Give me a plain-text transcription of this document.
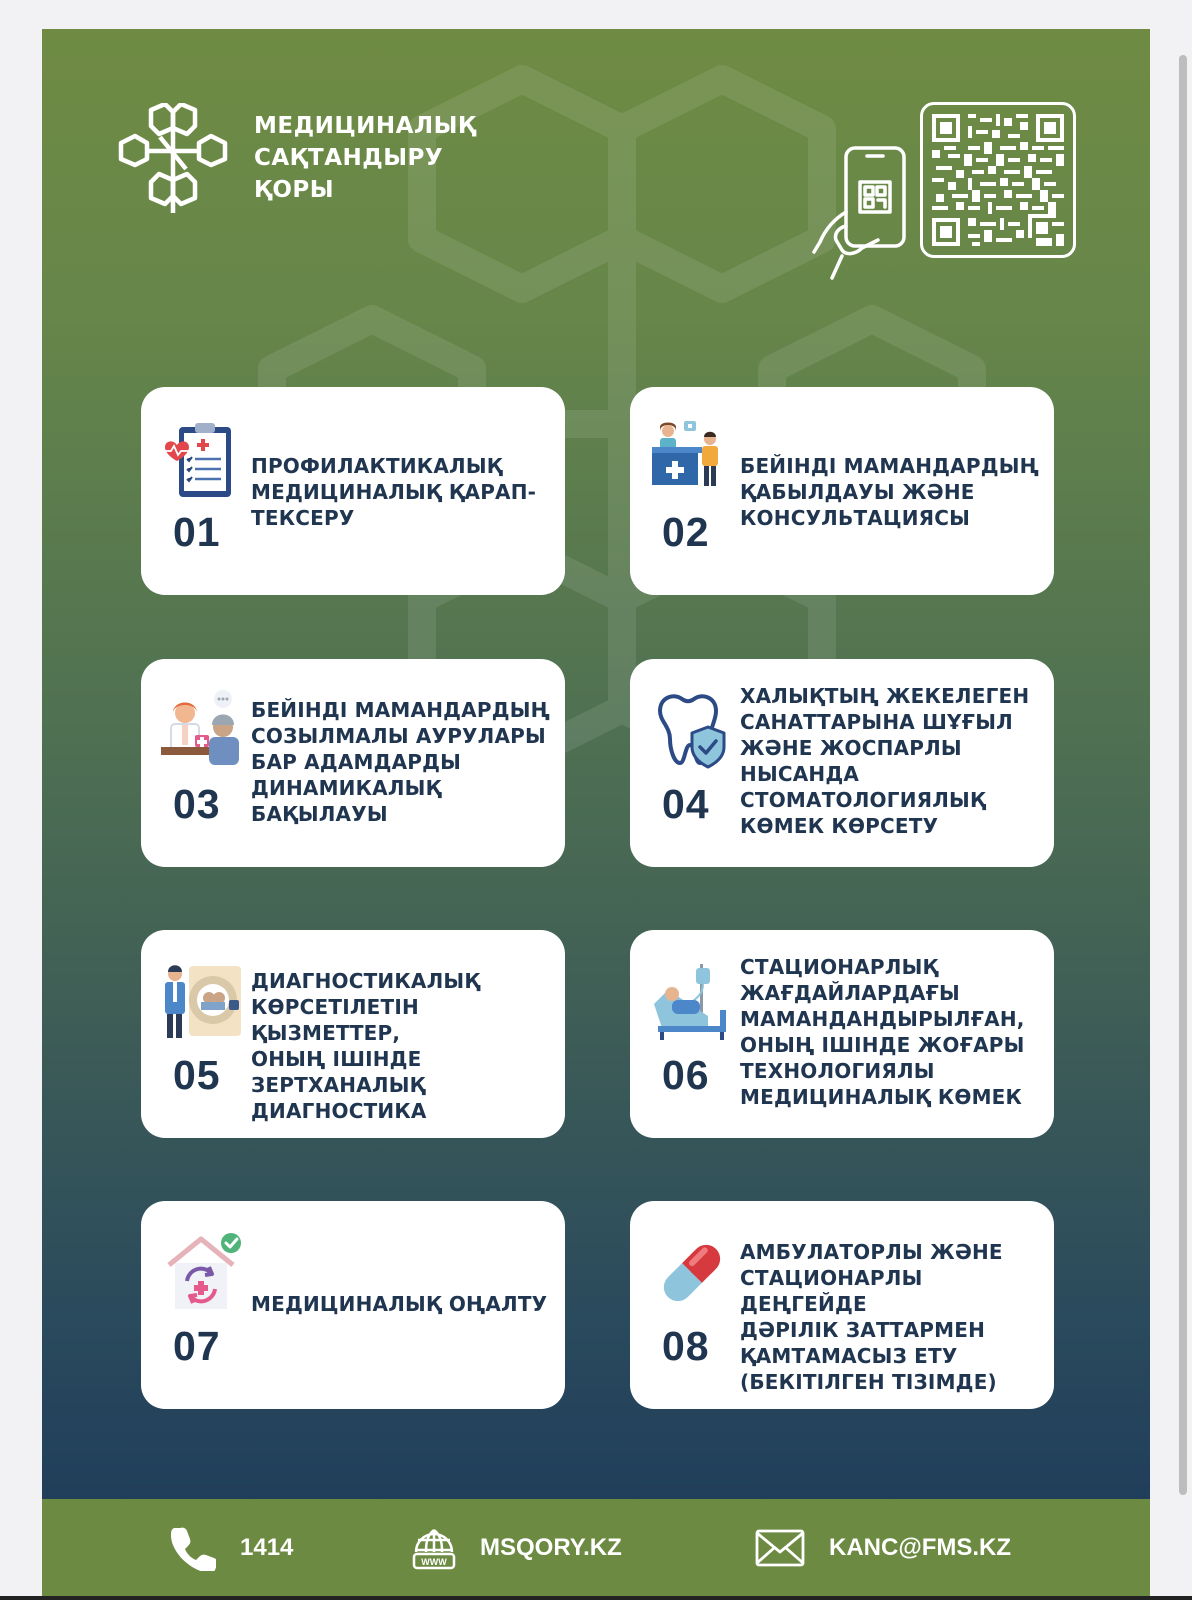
МЕДИЦИНАЛЫҚ
САҚТАНДЫРУ
ҚОРЫ
01
ПРОФИЛАКТИКАЛЫҚ
МЕДИЦИНАЛЫҚ ҚАРАП-
ТЕКСЕРУ	02
БЕЙІНДІ МАМАНДАРДЫҢ
ҚАБЫЛДАУЫ ЖӘНЕ
КОНСУЛЬТАЦИЯСЫ
03
БЕЙІНДІ МАМАНДАРДЫҢ
СОЗЫЛМАЛЫ АУРУЛАРЫ
БАР АДАМДАРДЫ
ДИНАМИКАЛЫҚ
БАҚЫЛАУЫ	04
ХАЛЫҚТЫҢ ЖЕКЕЛЕГЕН
САНАТТАРЫНА ШҰҒЫЛ
ЖӘНЕ ЖОСПАРЛЫ
НЫСАНДА
СТОМАТОЛОГИЯЛЫҚ
КӨМЕК КӨРСЕТУ
05
ДИАГНОСТИКАЛЫҚ
КӨРСЕТІЛЕТІН ҚЫЗМЕТТЕР,
ОНЫҢ ІШІНДЕ
ЗЕРТХАНАЛЫҚ
ДИАГНОСТИКА
06
СТАЦИОНАРЛЫҚ
ЖАҒДАЙЛАРДАҒЫ
МАМАНДАНДЫРЫЛҒАН,
ОНЫҢ ІШІНДЕ ЖОҒАРЫ
ТЕХНОЛОГИЯЛЫ
МЕДИЦИНАЛЫҚ КӨМЕК
07
МЕДИЦИНАЛЫҚ ОҢАЛТУ
08
АМБУЛАТОРЛЫ ЖӘНЕ
СТАЦИОНАРЛЫ ДЕҢГЕЙДЕ
ДӘРІЛІК ЗАТТАРМЕН
ҚАМТАМАСЫЗ ЕТУ
(БЕКІТІЛГЕН ТІЗІМДЕ)
1414
WWW
MSQORY.KZ	KANC@FMS.KZ
